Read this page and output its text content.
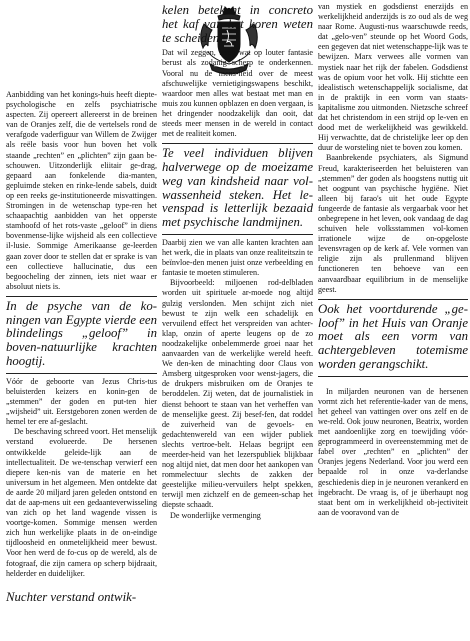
Aanbidding van het konings-huis heeft diepte-psychologische en zelfs psychiatrische aspecten. Zij opereert allereerst in de breinen van de Oranjes zelf, die de vertelsels rond de verafgode vaderfiguur van Willem de Zwijger als reële basis voor hun boven het volk staande „rechten” en „plichten” zijn gaan be-schouwen. Uitzonderlijk eliitair ge-drag, gepaard aan fonkelende dia-manten, gepluimde steken en rinke-lende sabels, duidt op een reeks ge-institutioneerde misvattingen. Stromingen in de wetenschap type-ren het schaapachtig aanbidden van het opperste stamhoofd of het rots-vaste „geloof” in diens bovenmense-lijke wijsheid als een collectieve il-lusie. Sommige Amerikaanse ge-leerden gaan zover door te stellen dat er sprake is van een collectieve hallucinatie, dus een begoocheling der zinnen, iets niet waar er absoluut niets is.

In de psyche van de ko-ningen van Egypte vierde een blindelings „geloof” in boven-natuurlijke krachten hoogtij.

Vóór de geboorte van Jezus Chris-tus beluisterden keizers en konin-gen de „stemmen” der goden en put-ten hier „wijsheid” uit. Eerstgeboren zonen werden de hemel ter ere af-geslacht.

De beschaving schreed voort. Het menselijk verstand evolueerde. De hersenen ontwikkelde geleide-lijk aan de intellectualiteit. De we-tenschap verwierf een diepere ken-nis van de materie en het universum in het algemeen. Men ontdekte dat de aarde 20 miljard jaren geleden ontstond en dat de aap-mens uit een gedaanteverwisseling van zich op het land wagende vissen is voortge-komen. Sommige mensen werden zich hun werkelijke plaats in de on-eindige tijdloosheid en onmetelijkheid meer bewust. Voor hen werd de fo-cus op de wereld, als de fotograaf, die zijn camera op scherp bijdraait, helderder en duidelijker.

Nuchter verstand ontwik-
kelen betekent in concreto het kaf van het koren weten te scheiden.

Dat wil zeggen, leren wat op louter fantasie berust als zodanig scherp te onderkennen. Vooral nu de mens-heid over de meest afschuwelijke vernietigingswapens beschikt, waardoor men alles wat bestaat met man en muis zou kunnen opblazen en doen vergaan, is het dringender noodzakelijk dan ooit, dat steeds meer mensen in de wereld in contact met de realiteit komen.

Te veel individuen blijven halverwege op de moeizame weg van kindsheid naar vol-wassenheid steken. Het le-venspad is letterlijk bezaaid met psychische landmijnen.

Daarbij zien we van alle kanten krachten aan het werk, die in plaats van onze realiteitszin te beïnvloe-den menen juist onze verbeelding en fantasie te moeten stimuleren.

Bijvoorbeeld: miljoenen rod-delbladen worden uit spirituele ar-moede nog altijd gulzig verslonden. Men schijnt zich niet bewust te zijn welk een schadelijk en vervuilend effect het verspreiden van achter-klap, onzin of aperte leugens op de zo noodzakelijke onbelemmerde groei naar het aanvaarden van de werkelijke wereld heeft. We den-ken de minachting door Claus von Amsberg uitgesproken voor wenst-jagers, die de drukpers misbruiken om de Oranjes te beroddelen. Zij weten, dat de journalistiek in dienst behoort te staan van het verheffen van de menselijke geest. Zij besef-fen, dat roddel de zuiverheid van de gevoels- en gedachtenwereld van een wijder publiek slechts vertroe-belt. Helaas begrijpt een meerder-heid van het lezerspubliek blijkbaar nog altijd niet, dat men door het aankopen van rommelectuur slechts de zakken der geestelijke milieu-vervuilers helpt spekken, terwijl men zichzelf en de gemeen-schap het diepste schaadt.

De wonderlijke vermenging

van mystiek en godsdienst enerzijds en werkelijkheid anderzijds is zo oud als de weg naar Rome. Augusti-nus waarschuwde reeds, dat „gelo-ven” steunde op het Woord Gods, een gegeven dat niet wetenschappe-lijk was te bewijzen. Marx verwees alle vormen van mystiek naar het rijk der fabelen. Godsdienst was de opium voor het volk. Hij stichtte een idealistisch wetenschappelijk socialisme, dat in de praktijk in een vorm van staats-kapitalisme zou uitmonden. Nietzsche schreef dat het christendom in een strijd op le-ven en dood met de werkelijkheid was gewikkeld. Hij verwachtte, dat de christelijke leer op den duur de worsteling niet te boven zou komen.

Baanbrekende psychiaters, als Sigmund Freud, karakteriseerden het beluisteren van „stemmen” der goden als hoogstens nuttig uit het oogpunt van psychische hygiëne. Niet alleen bij farao's uit het oude Egypte fungeerde de fantasie als vergaarbak voor het onbegrepene in het leven, ook vandaag de dag schuiven hele volksstammen vol-komen irrationele wijze de on-opgeloste levensvragen op de kerk af. Vele vormen van religie zijn als prullenmand blijven functioneren ten behoeve van een aanvaardbaar equilibrium in de menselijke geest.

Ook het voortdurende „ge-loof” in het Huis van Oranje moet als een vorm van achtergebleven totemisme worden gerangschikt.

In miljarden neuronen van de hersenen vormt zich het referentie-kader van de mens, het geheel van vattingen over ons zelf en de we-reld. Ook jouw neuronen, Beatrix, worden met aandoenlijke zorg en toewijding vóór-geprogrammeerd in overeenstemming met de fabel over „rechten” en „plichten” der Oranjes jegens Nederland. Voor jou werd een bepaalde rol in onze va-derlandse geschiedenis diep in je neuronen verankerd en ingebracht. De vraag is, of je überhaupt nog staat bent om in werkelijkheid ob-jectiviteit aan de vooravond van de
